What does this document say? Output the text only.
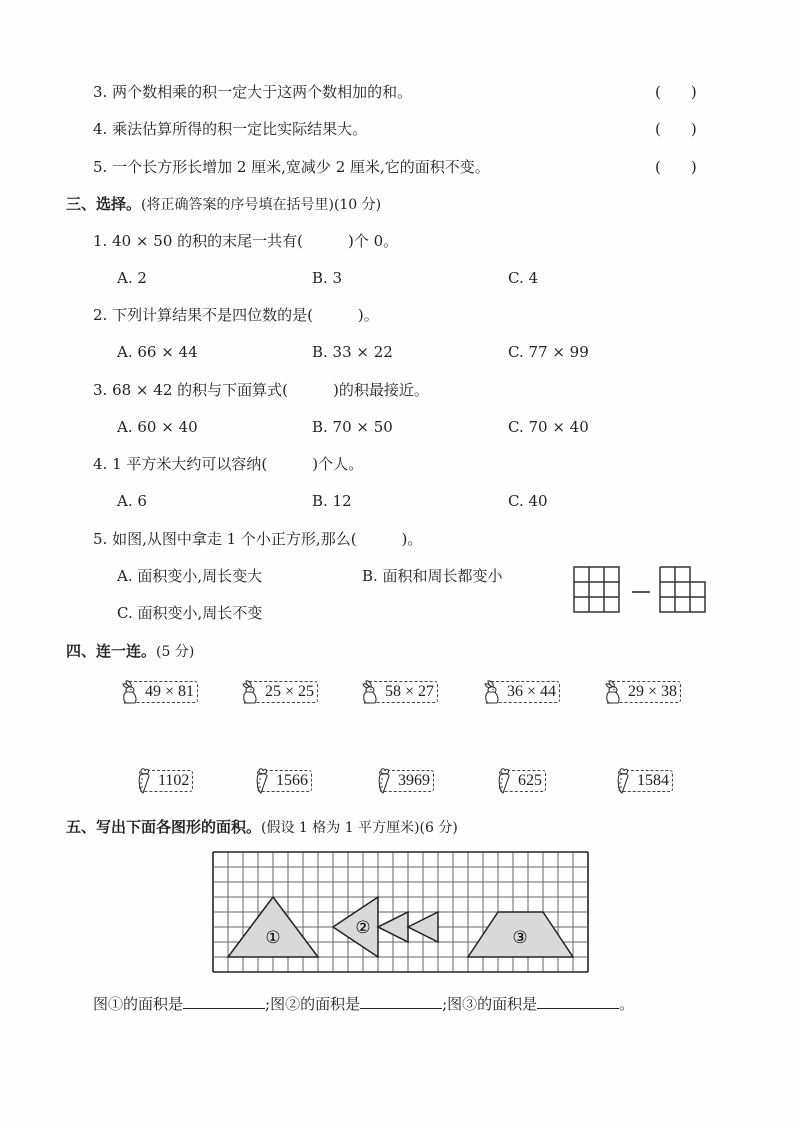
3. 两个数相乘的积一定大于这两个数相加的和。	(　　)
4. 乘法估算所得的积一定比实际结果大。	(　　)
5. 一个长方形长增加 2 厘米,宽减少 2 厘米,它的面积不变。	(　　)
三、选择。(将正确答案的序号填在括号里)(10 分)
1. 40 × 50 的积的末尾一共有(　　　)个 0。
A. 2	B. 3	C. 4
2. 下列计算结果不是四位数的是(　　　)。
A. 66 × 44	B. 33 × 22	C. 77 × 99
3. 68 × 42 的积与下面算式(　　　)的积最接近。
A. 60 × 40	B. 70 × 50	C. 70 × 40
4. 1 平方米大约可以容纳(　　　)个人。
A. 6	B. 12	C. 40
5. 如图,从图中拿走 1 个小正方形,那么(　　　)。
A. 面积变小,周长变大	B. 面积和周长都变小
C. 面积变小,周长不变
四、连一连。(5 分)
49 × 81	25 × 25	58 × 27	36 × 44	29 × 38
1102	1566	3969	625	1584
五、写出下面各图形的面积。(假设 1 格为 1 平方厘米)(6 分)
①	②	③
图①的面积是	;图②的面积是	;图③的面积是	。
